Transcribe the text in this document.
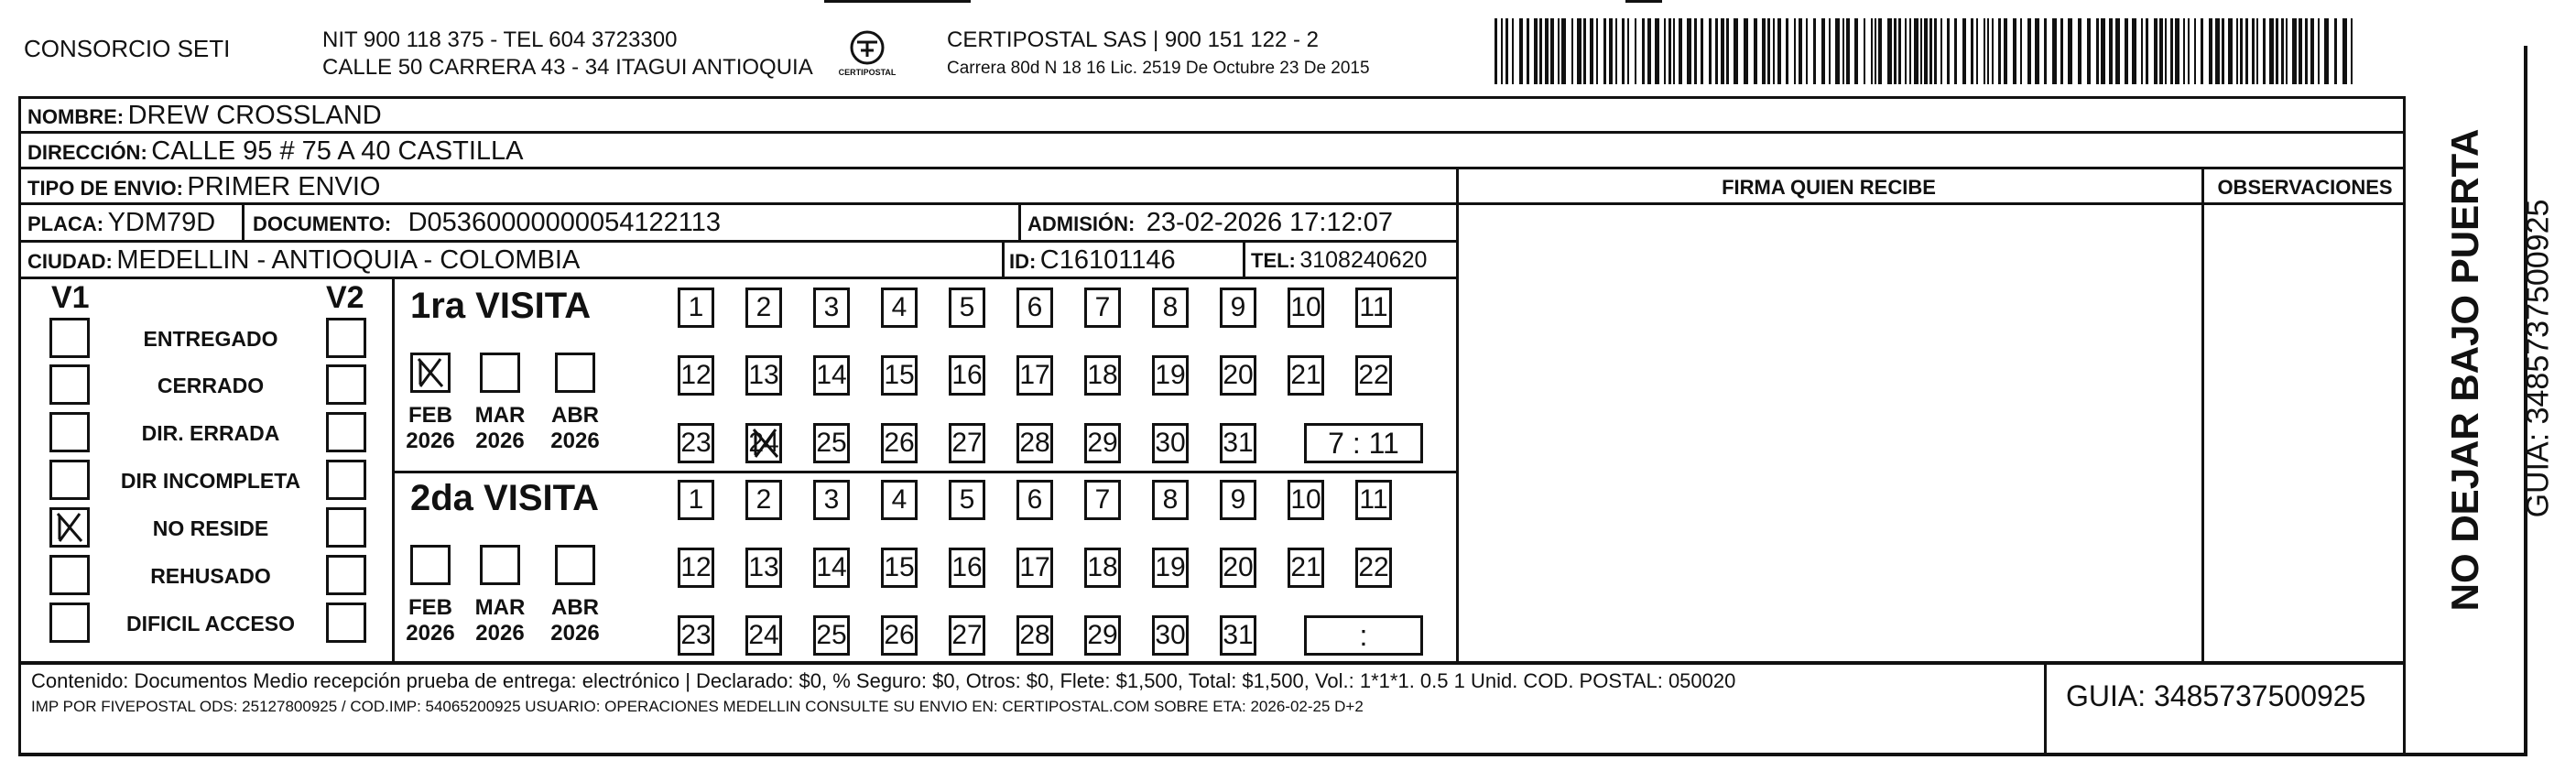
CONSORCIO SETI	NIT 900 118 375 - TEL 604 3723300
CALLE 50 CARRERA 43 - 34 ITAGUI ANTIOQUIA	CERTIPOSTAL
CERTIPOSTAL SAS | 900 151 122 - 2
Carrera 80d N 18 16 Lic. 2519 De Octubre 23 De 2015
NOMBRE: DREW CROSSLAND
DIRECCIÓN: CALLE 95 # 75 A 40 CASTILLA
TIPO DE ENVIO: PRIMER ENVIO
PLACA: YDM79D DOCUMENTO: D05360000000054122113	ADMISIÓN: 23-02-2026 17:12:07
CIUDAD: MEDELLIN - ANTIOQUIA - COLOMBIA	ID: C16101146	TEL: 3108240620
FIRMA QUIEN RECIBE	OBSERVACIONES
V1	V2 1ra VISITA
2da VISITA
FEB
2026
MAR
2026
ABR
2026
FEB
2026
MAR
2026
ABR
2026
1	2	3	4	5	6	7	8	9	10 11
12 13 14 15 16 17 18 19 20 21 22
23 24 25 26 27 28 29 30 31	7 : 11
1	2	3	4	5	6	7	8	9	10 11
12 13 14 15 16 17 18 19 20 21 22
23 24 25 26 27 28 29 30 31	:
NO DEJAR BAJO PUERTA GUIA: 3485737500925
Contenido: Documentos Medio recepción prueba de entrega: electrónico | Declarado: $0, % Seguro: $0, Otros: $0, Flete: $1,500, Total: $1,500, Vol.: 1*1*1. 0.5 1 Unid. COD. POSTAL: 050020
IMP POR FIVEPOSTAL ODS: 25127800925 / COD.IMP: 54065200925 USUARIO: OPERACIONES MEDELLIN CONSULTE SU ENVIO EN: CERTIPOSTAL.COM SOBRE ETA: 2026-02-25 D+2	GUIA: 3485737500925
ENTREGADO
CERRADO
DIR. ERRADA
DIR INCOMPLETA
NO RESIDE
REHUSADO
DIFICIL ACCESO
